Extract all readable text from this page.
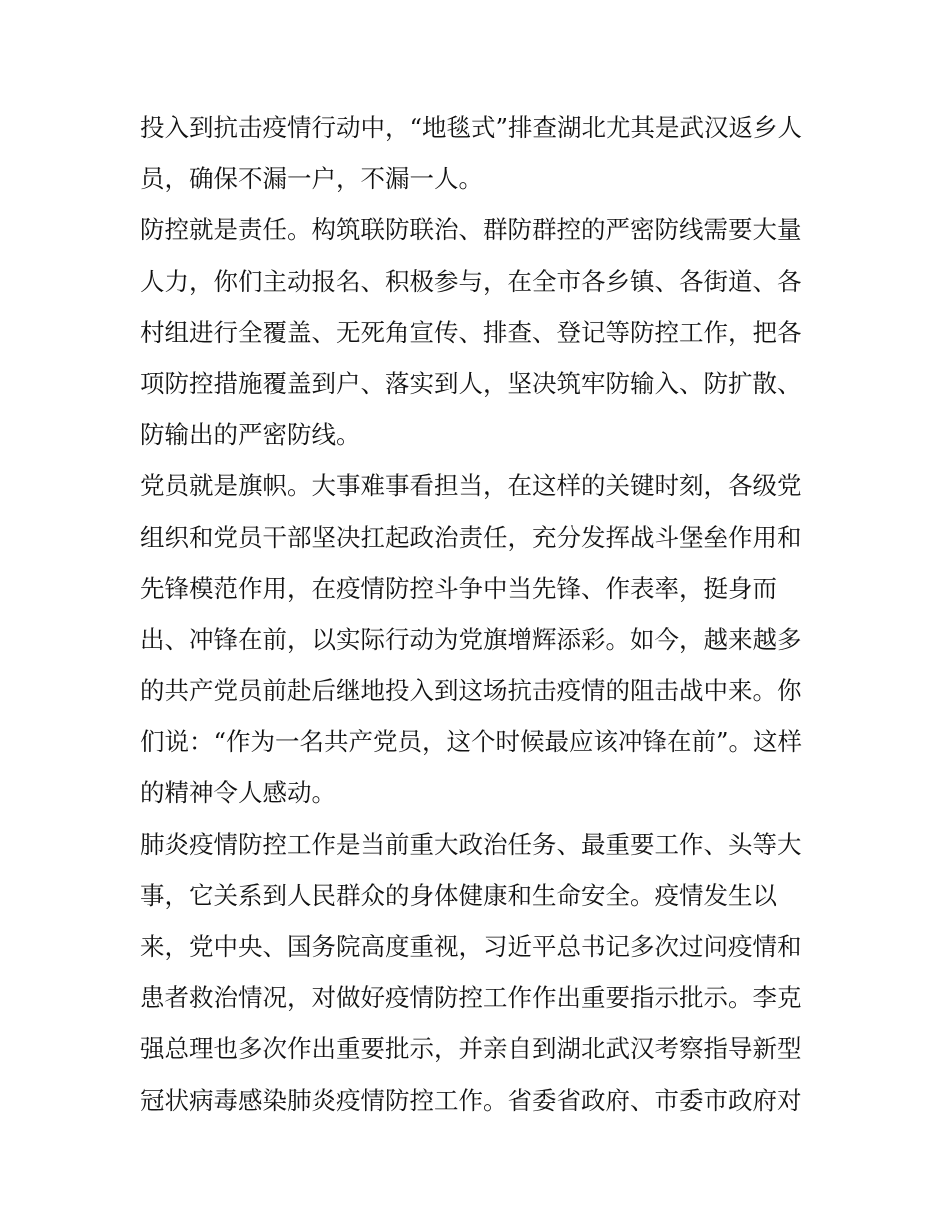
投入到抗击疫情行动中，“地毯式”排查湖北尤其是武汉返乡人
员，确保不漏一户，不漏一人。
防控就是责任。构筑联防联治、群防群控的严密防线需要大量
人力，你们主动报名、积极参与，在全市各乡镇、各街道、各
村组进行全覆盖、无死角宣传、排查、登记等防控工作，把各
项防控措施覆盖到户、落实到人，坚决筑牢防输入、防扩散、
防输出的严密防线。
党员就是旗帜。大事难事看担当，在这样的关键时刻，各级党
组织和党员干部坚决扛起政治责任，充分发挥战斗堡垒作用和
先锋模范作用，在疫情防控斗争中当先锋、作表率，挺身而
出、冲锋在前，以实际行动为党旗增辉添彩。如今，越来越多
的共产党员前赴后继地投入到这场抗击疫情的阻击战中来。你
们说：“作为一名共产党员，这个时候最应该冲锋在前”。这样
的精神令人感动。
肺炎疫情防控工作是当前重大政治任务、最重要工作、头等大
事，它关系到人民群众的身体健康和生命安全。疫情发生以
来，党中央、国务院高度重视，习近平总书记多次过问疫情和
患者救治情况，对做好疫情防控工作作出重要指示批示。李克
强总理也多次作出重要批示，并亲自到湖北武汉考察指导新型
冠状病毒感染肺炎疫情防控工作。省委省政府、市委市政府对
